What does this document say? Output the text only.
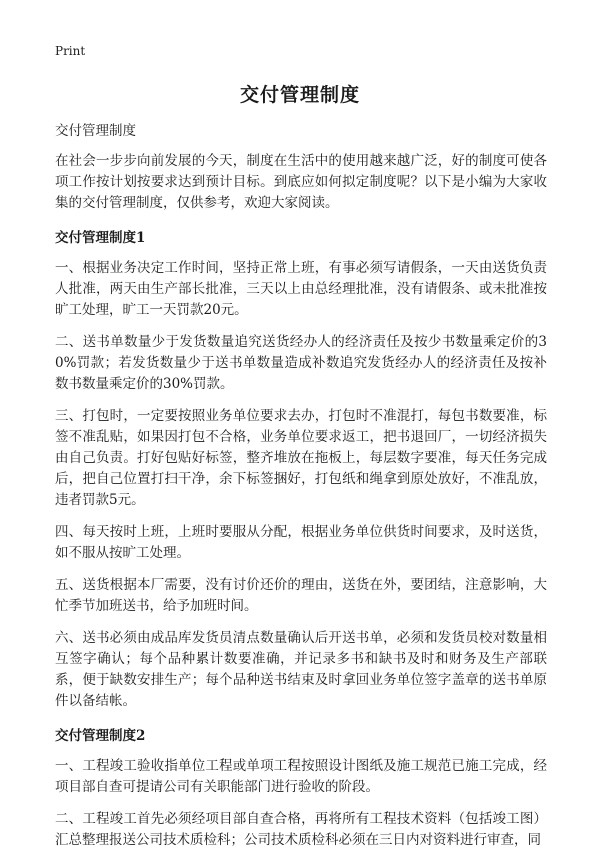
Print
交付管理制度
交付管理制度

在社会一步步向前发展的今天，制度在生活中的使用越来越广泛，好的制度可使各项工作按计划按要求达到预计目标。到底应如何拟定制度呢？以下是小编为大家收集的交付管理制度，仅供参考，欢迎大家阅读。

交付管理制度1

一、根据业务决定工作时间，坚持正常上班，有事必须写请假条，一天由送货负责人批准，两天由生产部长批准，三天以上由总经理批准，没有请假条、或未批准按旷工处理，旷工一天罚款20元。

二、送书单数量少于发货数量追究送货经办人的经济责任及按少书数量乘定价的30%罚款；若发货数量少于送书单数量造成补数追究发货经办人的经济责任及按补数书数量乘定价的30%罚款。

三、打包时，一定要按照业务单位要求去办，打包时不准混打，每包书数要准，标签不准乱贴，如果因打包不合格，业务单位要求返工，把书退回厂，一切经济损失由自己负责。打好包贴好标签，整齐堆放在拖板上，每层数字要准，每天任务完成后，把自己位置打扫干净，余下标签捆好，打包纸和绳拿到原处放好，不准乱放，违者罚款5元。

四、每天按时上班，上班时要服从分配，根据业务单位供货时间要求，及时送货，如不服从按旷工处理。

五、送货根据本厂需要，没有讨价还价的理由，送货在外，要团结，注意影响，大忙季节加班送书，给予加班时间。

六、送书必须由成品库发货员清点数量确认后开送书单，必须和发货员校对数量相互签字确认；每个品种累计数要准确，并记录多书和缺书及时和财务及生产部联系，便于缺数安排生产；每个品种送书结束及时拿回业务单位签字盖章的送书单原件以备结帐。

交付管理制度2

一、工程竣工验收指单位工程或单项工程按照设计图纸及施工规范已施工完成，经项目部自查可提请公司有关职能部门进行验收的阶段。

二、工程竣工首先必须经项目部自查合格，再将所有工程技术资料（包括竣工图）汇总整理报送公司技术质检科；公司技术质检科必须在三日内对资料进行审查，同
